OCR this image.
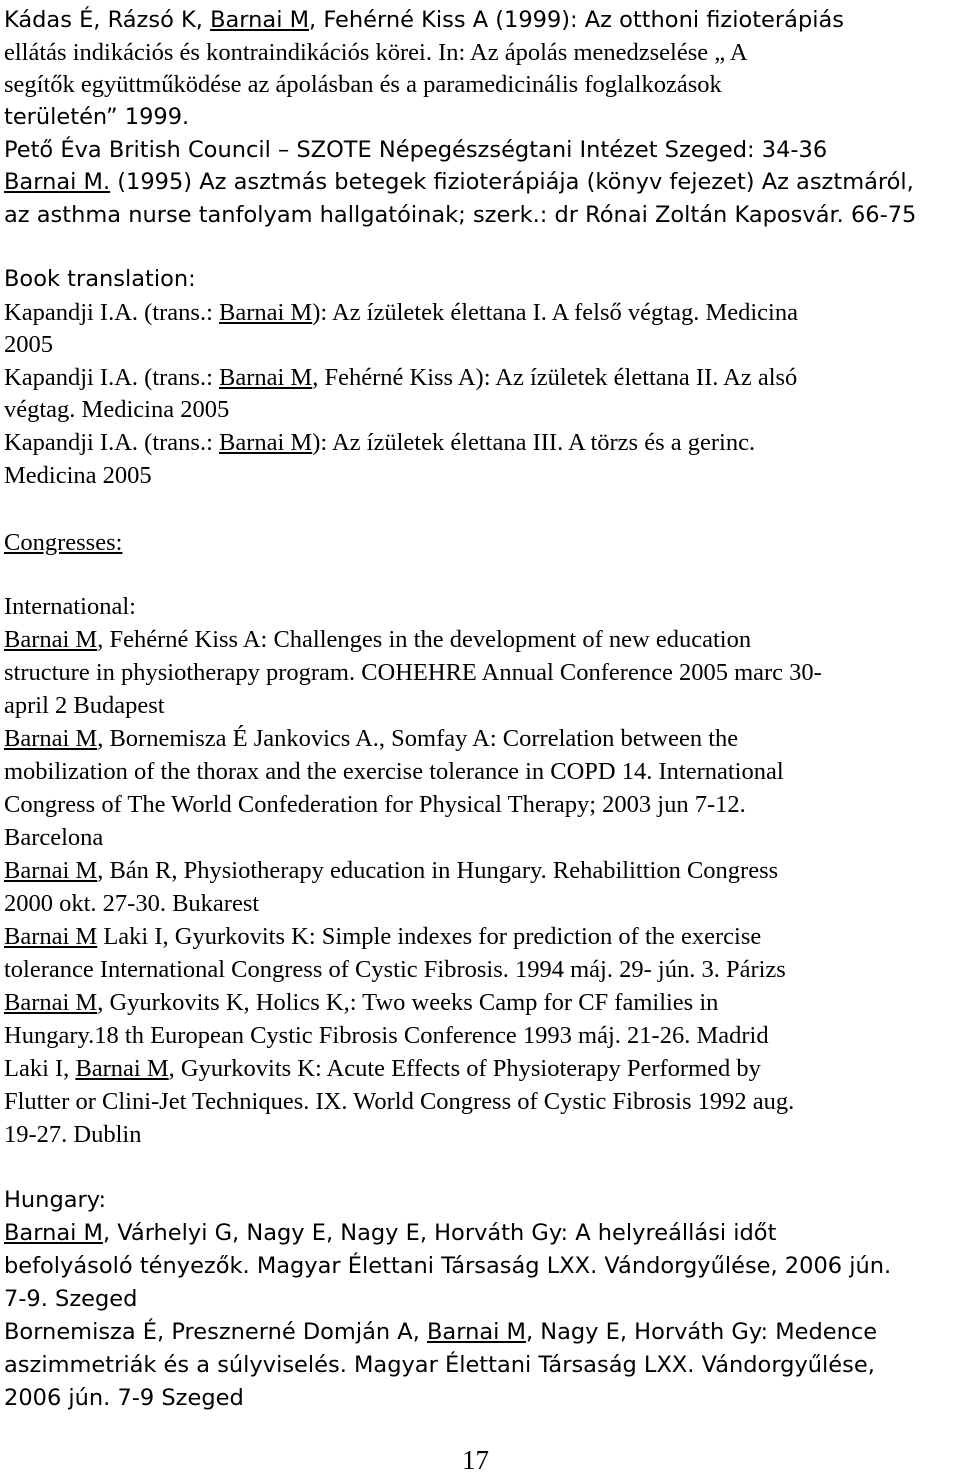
Kádas É, Rázsó K, Barnai M, Fehérné Kiss A (1999): Az otthoni fizioterápiás
ellátás indikációs és kontraindikációs körei. In: Az ápolás menedzselése „ A
segítők együttműködése az ápolásban és a paramedicinális foglalkozások
területén” 1999.
Pető Éva British Council – SZOTE Népegészségtani Intézet Szeged: 34-36
Barnai M. (1995) Az asztmás betegek fizioterápiája (könyv fejezet) Az asztmáról,
az asthma nurse tanfolyam hallgatóinak; szerk.: dr Rónai Zoltán Kaposvár. 66-75
Book translation:
Kapandji I.A. (trans.: Barnai M): Az ízületek élettana I. A felső végtag. Medicina
2005
Kapandji I.A. (trans.: Barnai M, Fehérné Kiss A): Az ízületek élettana II. Az alsó
végtag. Medicina 2005
Kapandji I.A. (trans.: Barnai M): Az ízületek élettana III. A törzs és a gerinc.
Medicina 2005
Congresses:
International:
Barnai M, Fehérné Kiss A: Challenges in the development of new education
structure in physiotherapy program. COHEHRE Annual Conference 2005 marc 30-
april 2 Budapest
Barnai M, Bornemisza É Jankovics A., Somfay A: Correlation between the
mobilization of the thorax and the exercise tolerance in COPD 14. International
Congress of The World Confederation for Physical Therapy; 2003 jun 7-12.
Barcelona
Barnai M, Bán R, Physiotherapy education in Hungary. Rehabilittion Congress
2000 okt. 27-30. Bukarest
Barnai M Laki I, Gyurkovits K: Simple indexes for prediction of the exercise
tolerance International Congress of Cystic Fibrosis. 1994 máj. 29- jún. 3. Párizs
Barnai M, Gyurkovits K, Holics K,: Two weeks Camp for CF families in
Hungary.18 th European Cystic Fibrosis Conference 1993 máj. 21-26. Madrid
Laki I, Barnai M, Gyurkovits K: Acute Effects of Physioterapy Performed by
Flutter or Clini-Jet Techniques. IX. World Congress of Cystic Fibrosis 1992 aug.
19-27. Dublin
Hungary:
Barnai M, Várhelyi G, Nagy E, Nagy E, Horváth Gy: A helyreállási időt
befolyásoló tényezők. Magyar Élettani Társaság LXX. Vándorgyűlése, 2006 jún.
7-9. Szeged
Bornemisza É, Presznerné Domján A, Barnai M, Nagy E, Horváth Gy: Medence
aszimmetriák és a súlyviselés. Magyar Élettani Társaság LXX. Vándorgyűlése,
2006 jún. 7-9 Szeged
17
